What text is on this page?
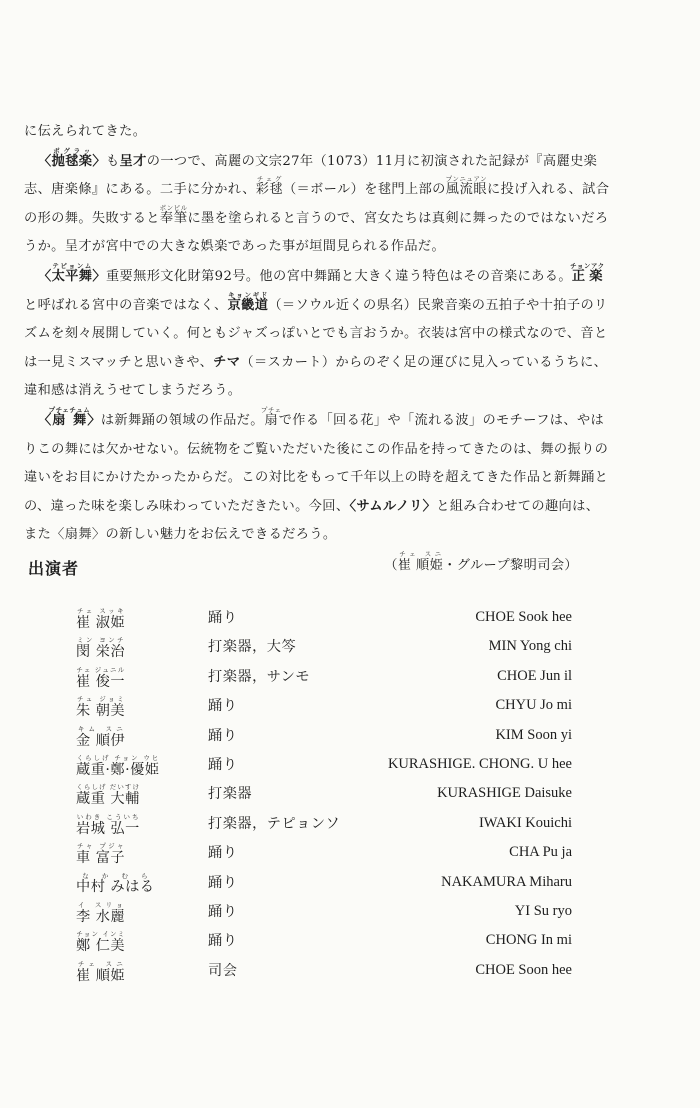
に伝えられてきた。

〈抛毬楽ポグラッ〉も呈才の一つで、高麗の文宗27年（1073）11月に初演された記録が『高麗史楽志、唐楽條』にある。二手に分かれ、彩毬チェグ（＝ボール）を毬門上部の風流眼プンニュアンに投げ入れる、試合の形の舞。失敗すると奉筆ボンピルに墨を塗られると言うので、宮女たちは真剣に舞ったのではないだろうか。呈才が宮中での大きな娯楽であった事が垣間見られる作品だ。

〈太平舞テピョンム〉重要無形文化財第92号。他の宮中舞踊と大きく違う特色はその音楽にある。正楽チョンアクと呼ばれる宮中の音楽ではなく、京畿道キョンギド（＝ソウル近くの県名）民衆音楽の五拍子や十拍子のリズムを刻々展開していく。何ともジャズっぽいとでも言おうか。衣装は宮中の様式なので、音とは一見ミスマッチと思いきや、チマ（＝スカート）からのぞく足の運びに見入っているうちに、違和感は消えうせてしまうだろう。

〈扇舞プチェチュム〉は新舞踊の領域の作品だ。扇プチェで作る「回る花」や「流れる波」のモチーフは、やはりこの舞には欠かせない。伝統物をご覧いただいた後にこの作品を持ってきたのは、舞の振りの違いをお目にかけたかったからだ。この対比をもって千年以上の時を超えてきた作品と新舞踊との、違った味を楽しみ味わっていただきたい。今回、〈サムルノリ〉と組み合わせての趣向は、また〈扇舞〉の新しい魅力をお伝えできるだろう。

（崔 順姫チェ スニ・グループ黎明司会）

出演者
崔 淑姫チェ スッキ	踊り	CHOE Sook hee
閔 栄治ミン ヨンチ	打楽器，大笒	MIN Yong chi
崔 俊一チェ ジュニル	打楽器，サンモ	CHOE Jun il
朱 朝美チュ ジョミ	踊り	CHYU Jo mi
金 順伊キム スニ	踊り	KIM Soon yi
蔵重·鄭·優姫くらしげ チョン ウヒ	踊り	KURASHIGE. CHONG. U hee
蔵重 大輔くらしげ だいすけ	打楽器	KURASHIGE Daisuke
岩城 弘一いわき こういち	打楽器，テピョンソ	IWAKI Kouichi
車 富子チャ プジャ	踊り	CHA Pu ja
中村 みはるなかむら	踊り	NAKAMURA Miharu
李 水麗イ スリョ	踊り	YI Su ryo
鄭 仁美チョン インミ	踊り	CHONG In mi
崔 順姫チェ スニ	司会	CHOE Soon hee
